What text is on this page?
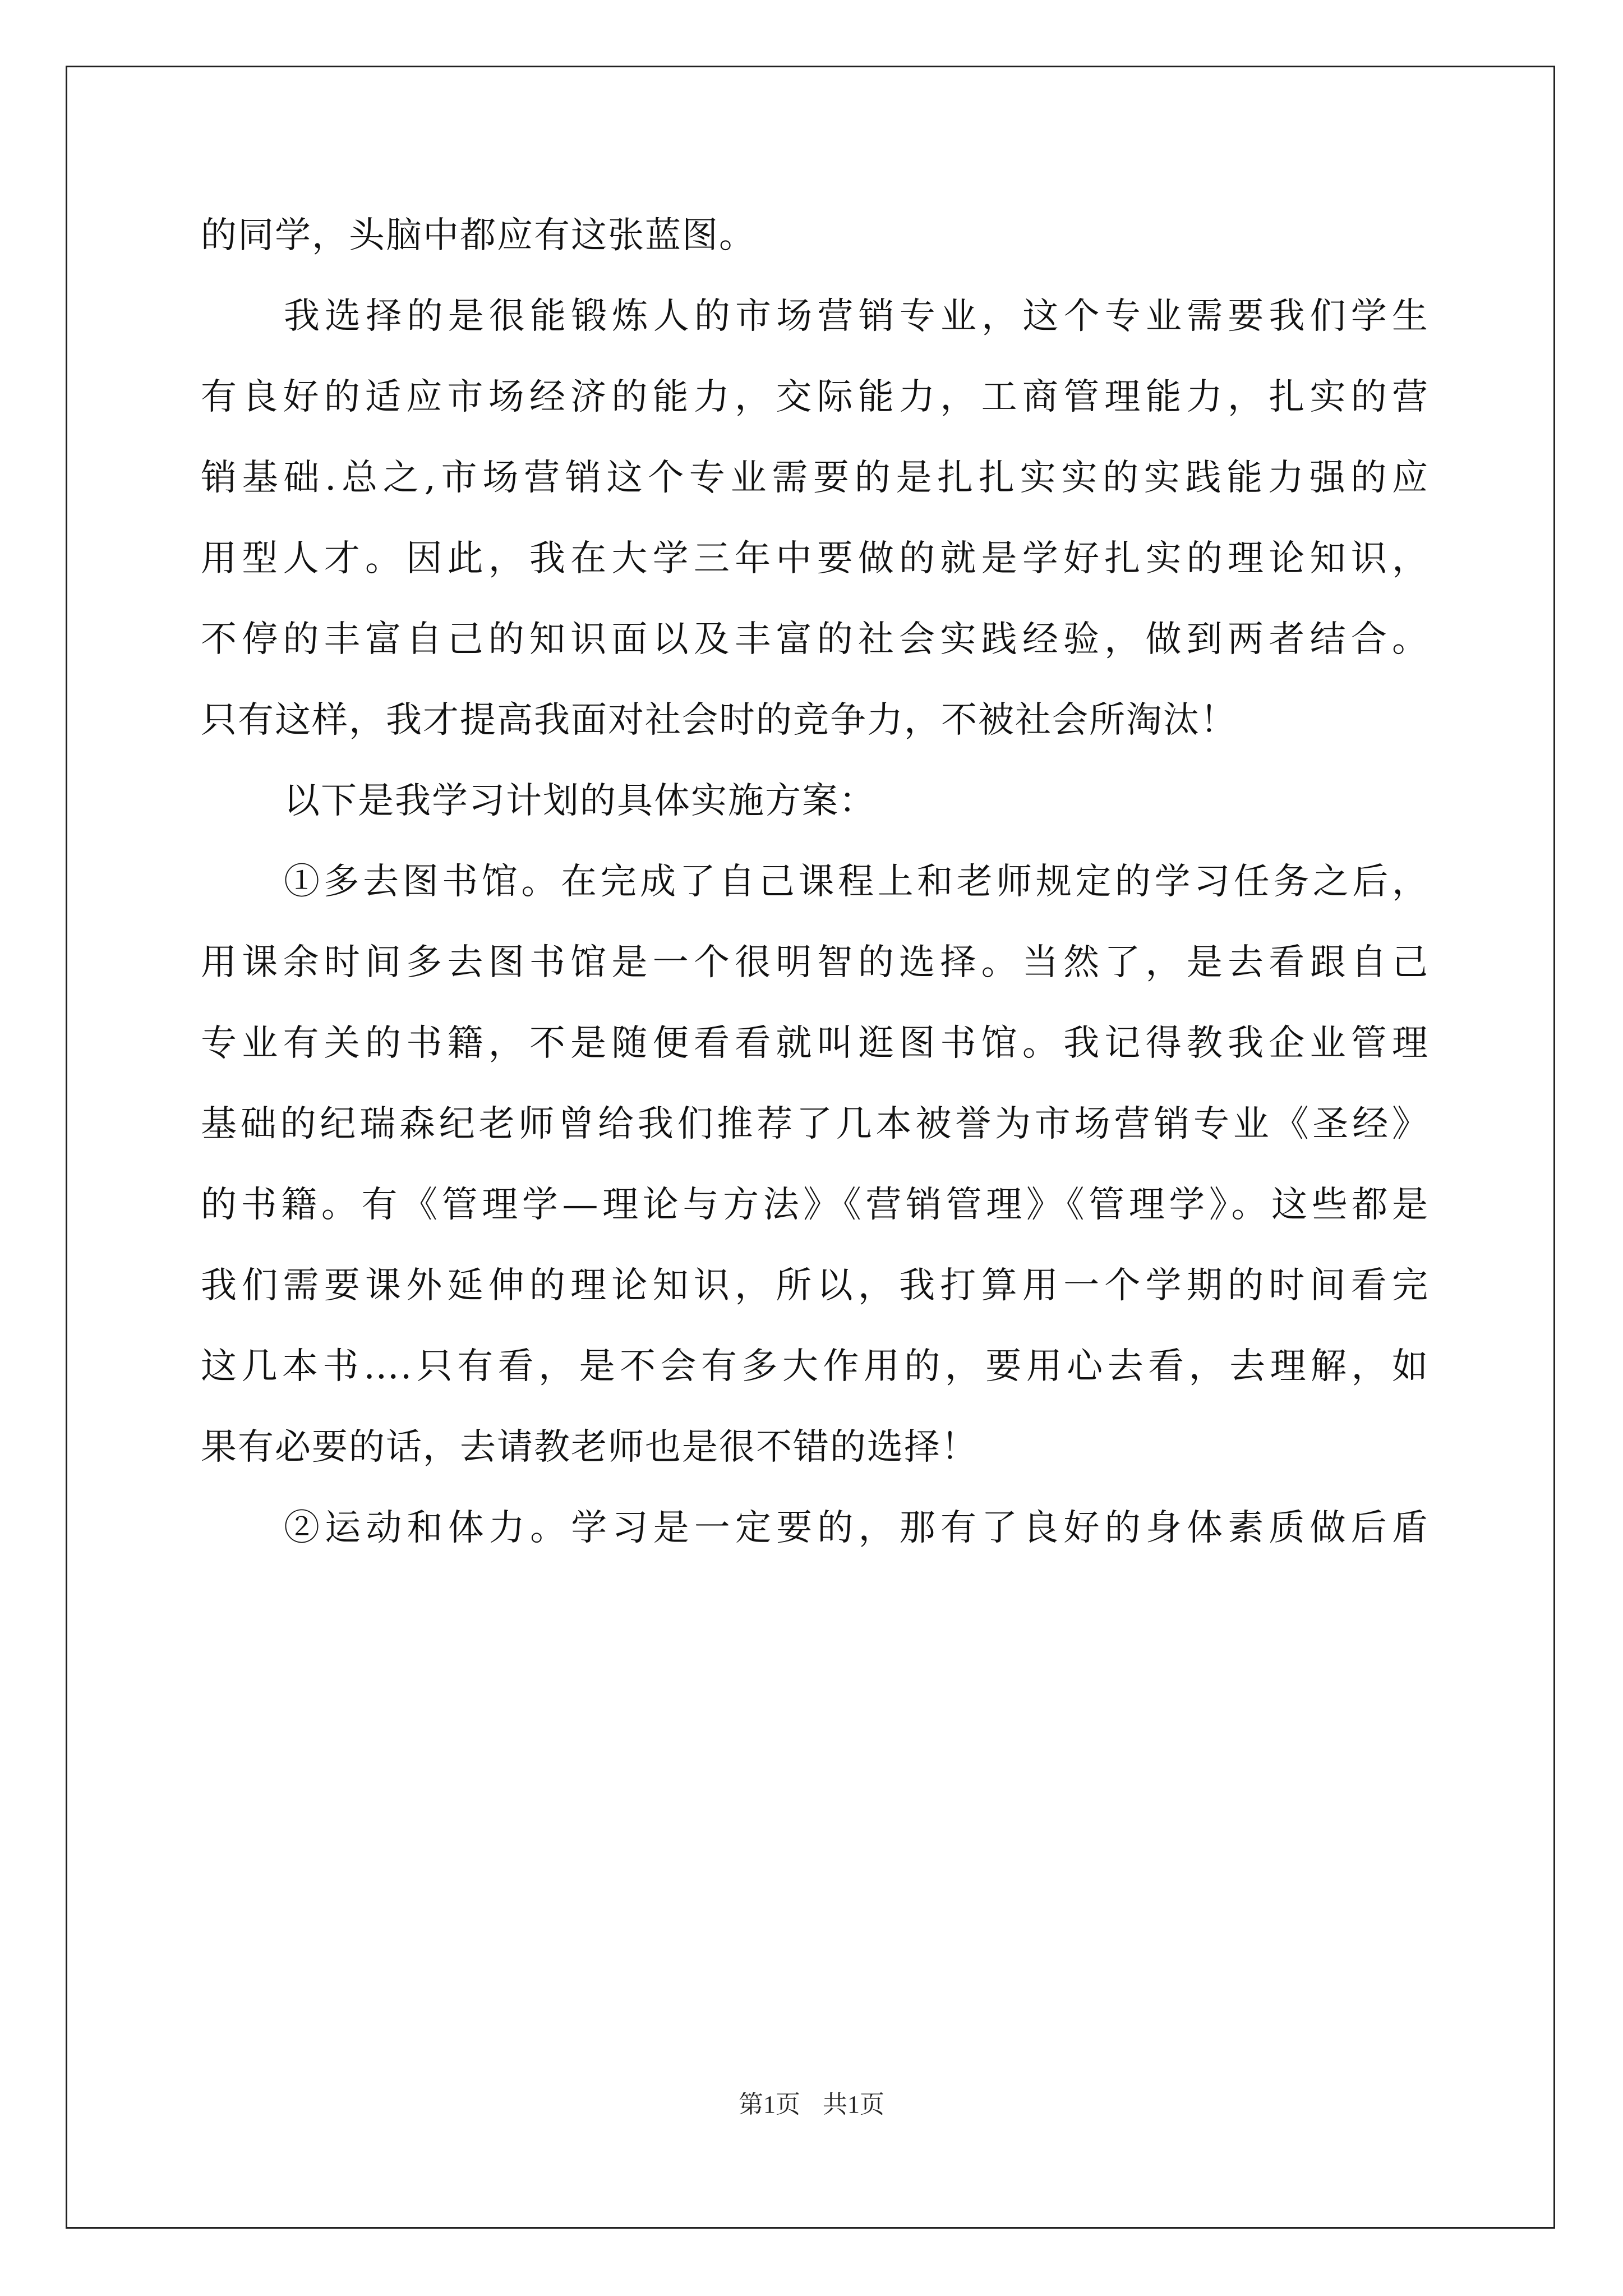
的同学，头脑中都应有这张蓝图。
我选择的是很能锻炼人的市场营销专业，这个专业需要我们学生
有良好的适应市场经济的能力，交际能力，工商管理能力，扎实的营
销基础.总之,市场营销这个专业需要的是扎扎实实的实践能力强的应
用型人才。因此，我在大学三年中要做的就是学好扎实的理论知识，
不停的丰富自己的知识面以及丰富的社会实践经验，做到两者结合。
只有这样，我才提高我面对社会时的竞争力，不被社会所淘汰！
以下是我学习计划的具体实施方案：
①多去图书馆。在完成了自己课程上和老师规定的学习任务之后，
用课余时间多去图书馆是一个很明智的选择。当然了，是去看跟自己
专业有关的书籍，不是随便看看就叫逛图书馆。我记得教我企业管理
基础的纪瑞森纪老师曾给我们推荐了几本被誉为市场营销专业《圣经》
的书籍。有《管理学—理论与方法》《营销管理》《管理学》。这些都是
我们需要课外延伸的理论知识，所以，我打算用一个学期的时间看完
这几本书….只有看，是不会有多大作用的，要用心去看，去理解，如
果有必要的话，去请教老师也是很不错的选择！
②运动和体力。学习是一定要的，那有了良好的身体素质做后盾
第1页 共1页
